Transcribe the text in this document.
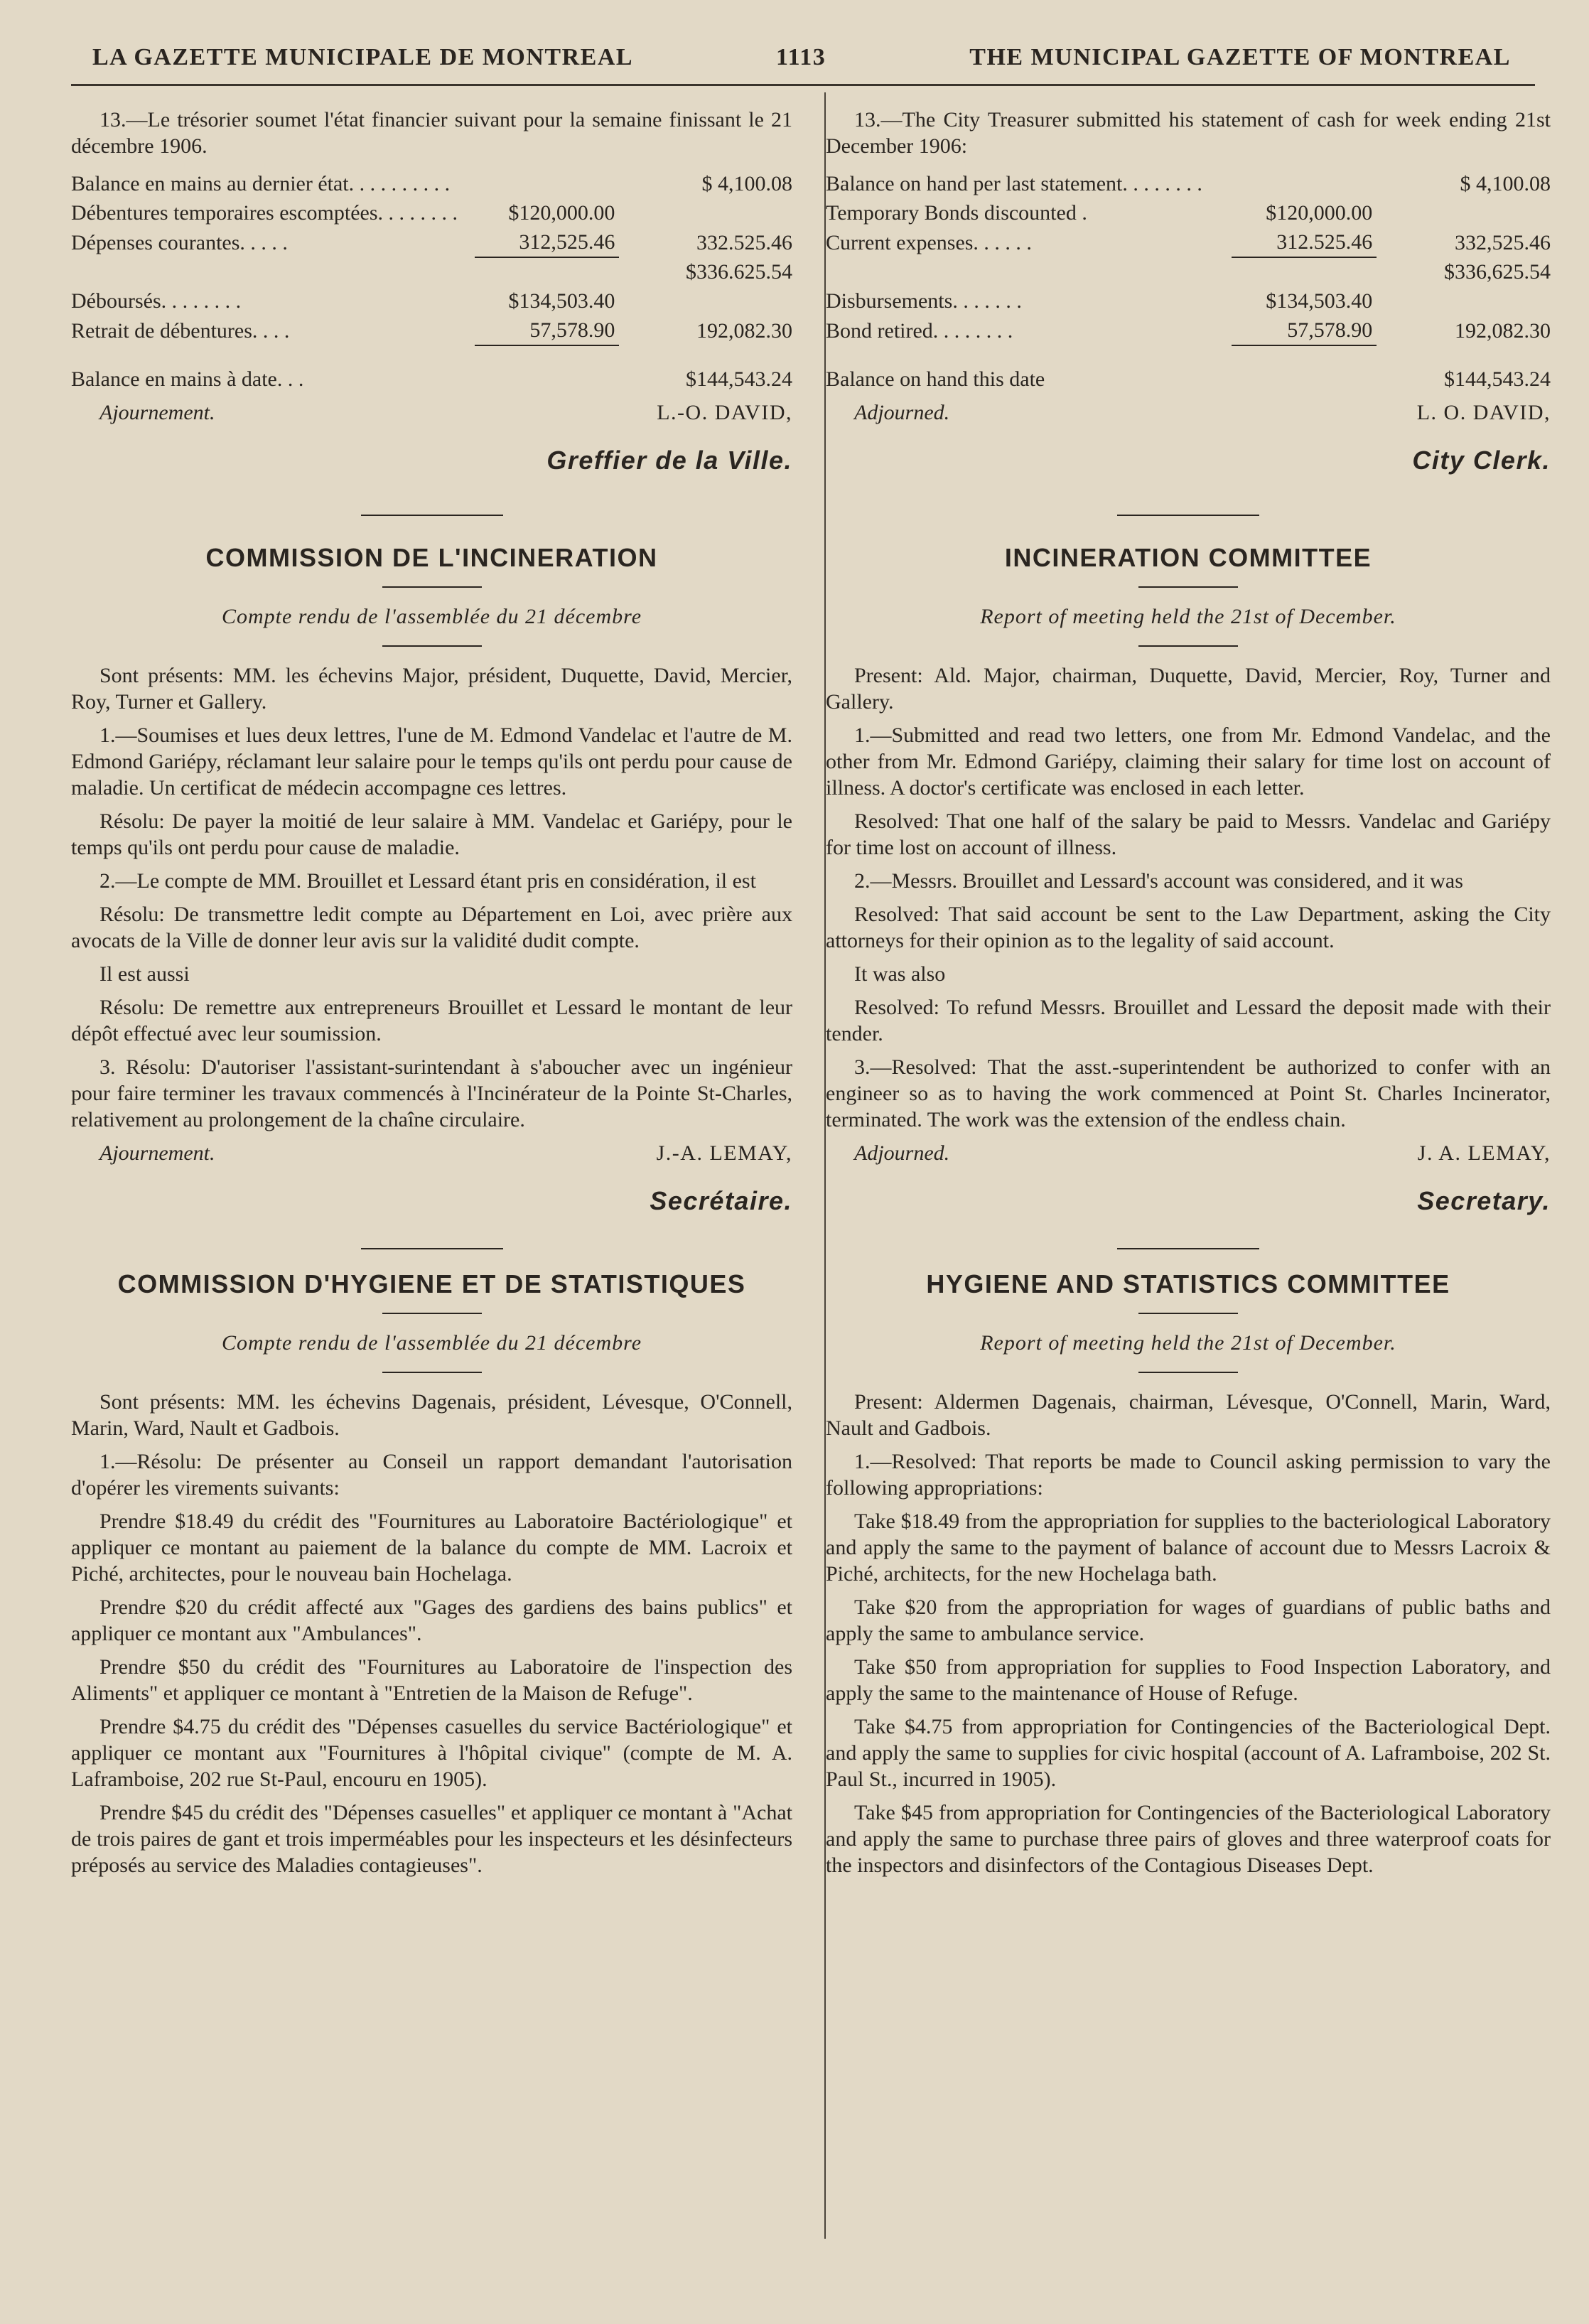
LA GAZETTE MUNICIPALE DE MONTREAL	1113	THE MUNICIPAL GAZETTE OF MONTREAL

13.—Le trésorier soumet l'état financier suivant pour la semaine finissant le 21 décembre 1906.

Balance en mains au dernier état. . . . . . . . . .		$ 4,100.08
Débentures temporaires escomptées. . . . . . . .	$120,000.00	
Dépenses courantes. . . . .	312,525.46	332.525.46
		$336.625.54
Déboursés. . . . . . . .	$134,503.40	
Retrait de débentures. . . .	57,578.90	192,082.30

Balance en mains à date. . .		$144,543.24
Ajournement.	L.-O. DAVID,
Greffier de la Ville.
COMMISSION DE L'INCINERATION
Compte rendu de l'assemblée du 21 décembre

Sont présents: MM. les échevins Major, président, Duquette, David, Mercier, Roy, Turner et Gallery.

1.—Soumises et lues deux lettres, l'une de M. Edmond Vandelac et l'autre de M. Edmond Gariépy, réclamant leur salaire pour le temps qu'ils ont perdu pour cause de maladie. Un certificat de médecin accompagne ces lettres.

Résolu: De payer la moitié de leur salaire à MM. Vandelac et Gariépy, pour le temps qu'ils ont perdu pour cause de maladie.

2.—Le compte de MM. Brouillet et Lessard étant pris en considération, il est

Résolu: De transmettre ledit compte au Département en Loi, avec prière aux avocats de la Ville de donner leur avis sur la validité dudit compte.

Il est aussi

Résolu: De remettre aux entrepreneurs Brouillet et Lessard le montant de leur dépôt effectué avec leur soumission.

3. Résolu: D'autoriser l'assistant-surintendant à s'aboucher avec un ingénieur pour faire terminer les travaux commencés à l'Incinérateur de la Pointe St-Charles, relativement au prolongement de la chaîne circulaire.

Ajournement.	J.-A. LEMAY,
Secrétaire.
COMMISSION D'HYGIENE ET DE STATISTIQUES
Compte rendu de l'assemblée du 21 décembre

Sont présents: MM. les échevins Dagenais, président, Lévesque, O'Connell, Marin, Ward, Nault et Gadbois.

1.—Résolu: De présenter au Conseil un rapport demandant l'autorisation d'opérer les virements suivants:

Prendre $18.49 du crédit des "Fournitures au Laboratoire Bactériologique" et appliquer ce montant au paiement de la balance du compte de MM. Lacroix et Piché, architectes, pour le nouveau bain Hochelaga.

Prendre $20 du crédit affecté aux "Gages des gardiens des bains publics" et appliquer ce montant aux "Ambulances".

Prendre $50 du crédit des "Fournitures au Laboratoire de l'inspection des Aliments" et appliquer ce montant à "Entretien de la Maison de Refuge".

Prendre $4.75 du crédit des "Dépenses casuelles du service Bactériologique" et appliquer ce montant aux "Fournitures à l'hôpital civique" (compte de M. A. Laframboise, 202 rue St-Paul, encouru en 1905).

Prendre $45 du crédit des "Dépenses casuelles" et appliquer ce montant à "Achat de trois paires de gant et trois imperméables pour les inspecteurs et les désinfecteurs préposés au service des Maladies contagieuses".

13.—The City Treasurer submitted his statement of cash for week ending 21st December 1906:

Balance on hand per last statement. . . . . . . .		$ 4,100.08
Temporary Bonds discounted .	$120,000.00	
Current expenses. . . . . .	312.525.46	332,525.46
		$336,625.54
Disbursements. . . . . . .	$134,503.40	
Bond retired. . . . . . . .	57,578.90	192,082.30

Balance on hand this date		$144,543.24
Adjourned.	L. O. DAVID,
City Clerk.
INCINERATION COMMITTEE
Report of meeting held the 21st of December.

Present: Ald. Major, chairman, Duquette, David, Mercier, Roy, Turner and Gallery.

1.—Submitted and read two letters, one from Mr. Edmond Vandelac, and the other from Mr. Edmond Gariépy, claiming their salary for time lost on account of illness. A doctor's certificate was enclosed in each letter.

Resolved: That one half of the salary be paid to Messrs. Vandelac and Gariépy for time lost on account of illness.

2.—Messrs. Brouillet and Lessard's account was considered, and it was

Resolved: That said account be sent to the Law Department, asking the City attorneys for their opinion as to the legality of said account.

It was also

Resolved: To refund Messrs. Brouillet and Lessard the deposit made with their tender.

3.—Resolved: That the asst.-superintendent be authorized to confer with an engineer so as to having the work commenced at Point St. Charles Incinerator, terminated. The work was the extension of the endless chain.

Adjourned.	J. A. LEMAY,
Secretary.
HYGIENE AND STATISTICS COMMITTEE
Report of meeting held the 21st of December.

Present: Aldermen Dagenais, chairman, Lévesque, O'Connell, Marin, Ward, Nault and Gadbois.

1.—Resolved: That reports be made to Council asking permission to vary the following appropriations:

Take $18.49 from the appropriation for supplies to the bacteriological Laboratory and apply the same to the payment of balance of account due to Messrs Lacroix & Piché, architects, for the new Hochelaga bath.

Take $20 from the appropriation for wages of guardians of public baths and apply the same to ambulance service.

Take $50 from appropriation for supplies to Food Inspection Laboratory, and apply the same to the maintenance of House of Refuge.

Take $4.75 from appropriation for Contingencies of the Bacteriological Dept. and apply the same to supplies for civic hospital (account of A. Laframboise, 202 St. Paul St., incurred in 1905).

Take $45 from appropriation for Contingencies of the Bacteriological Laboratory and apply the same to purchase three pairs of gloves and three waterproof coats for the inspectors and disinfectors of the Contagious Diseases Dept.
